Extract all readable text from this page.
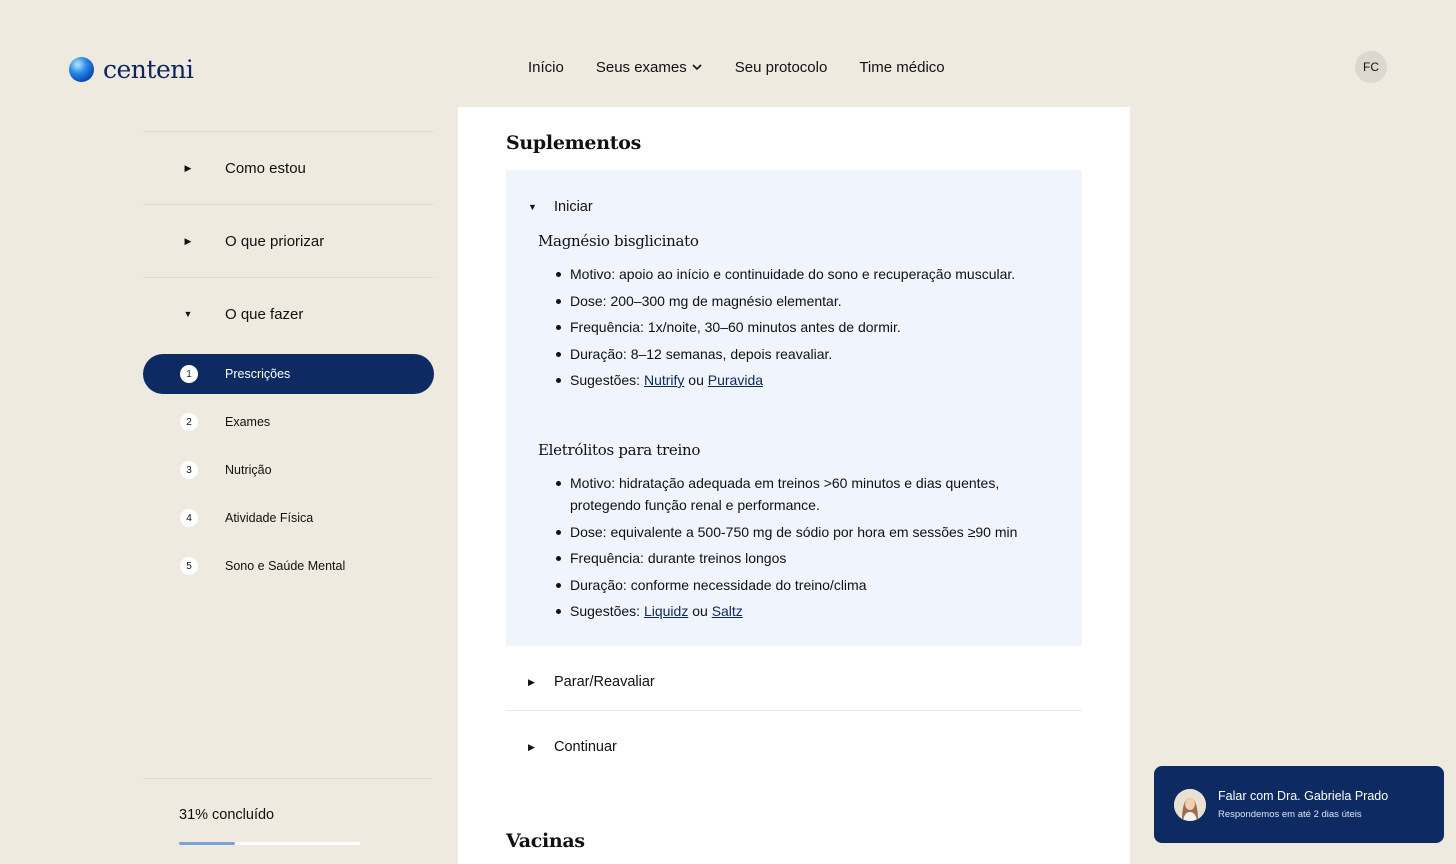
centeni	Início Seus exames	Seu protocolo Time médico	FC
▶	Como estou
▶	O que priorizar
▼	O que fazer
1	Prescrições
2	Exames
3	Nutrição
4	Atividade Física
5	Sono e Saúde Mental
31% concluído
Suplementos
▼	Iniciar
Magnésio bisglicinato
Motivo: apoio ao início e continuidade do sono e recuperação muscular.
Dose: 200–300 mg de magnésio elementar.
Frequência: 1x/noite, 30–60 minutos antes de dormir.
Duração: 8–12 semanas, depois reavaliar.
Sugestões: Nutrify ou Puravida
Eletrólitos para treino
Motivo: hidratação adequada em treinos >60 minutos e dias quentes, protegendo função renal e performance.
Dose: equivalente a 500-750 mg de sódio por hora em sessões ≥90 min
Frequência: durante treinos longos
Duração: conforme necessidade do treino/clima
Sugestões: Liquidz ou Saltz
▶	Parar/Reavaliar
▶	Continuar
Vacinas
Falar com Dra. Gabriela Prado
Respondemos em até 2 dias úteis
